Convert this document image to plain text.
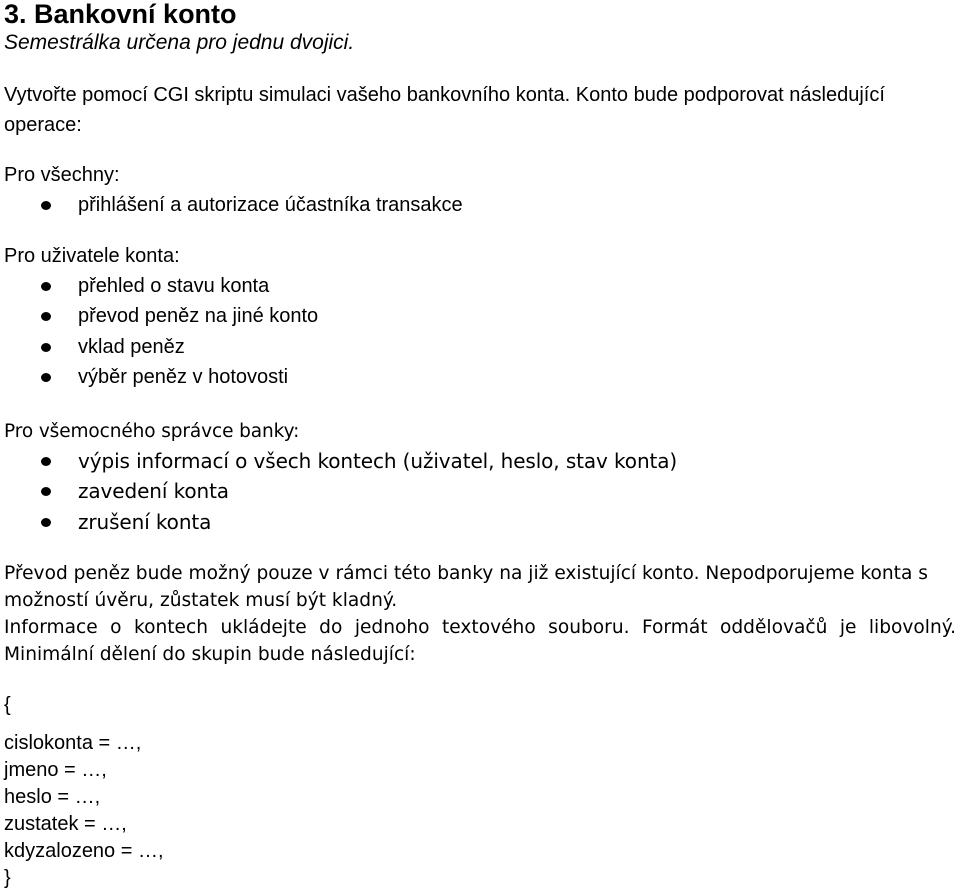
3. Bankovní konto

Semestrálka určena pro jednu dvojici.

Vytvořte pomocí CGI skriptu simulaci vašeho bankovního konta. Konto bude podporovat následující operace:

Pro všechny:

přihlášení a autorizace účastníka transakce

Pro uživatele konta:

přehled o stavu konta
převod peněz na jiné konto
vklad peněz
výběr peněz v hotovosti

Pro všemocného správce banky:

výpis informací o všech kontech (uživatel, heslo, stav konta)
zavedení konta
zrušení konta

Převod peněz bude možný pouze v rámci této banky na již existující konto. Nepodporujeme konta s možností úvěru, zůstatek musí být kladný.

Informace o kontech ukládejte do jednoho textového souboru. Formát oddělovačů je libovolný. Minimální dělení do skupin bude následující:

{
cislokonta = …,
jmeno = …,
heslo = …,
zustatek = …,
kdyzalozeno = …,
}
